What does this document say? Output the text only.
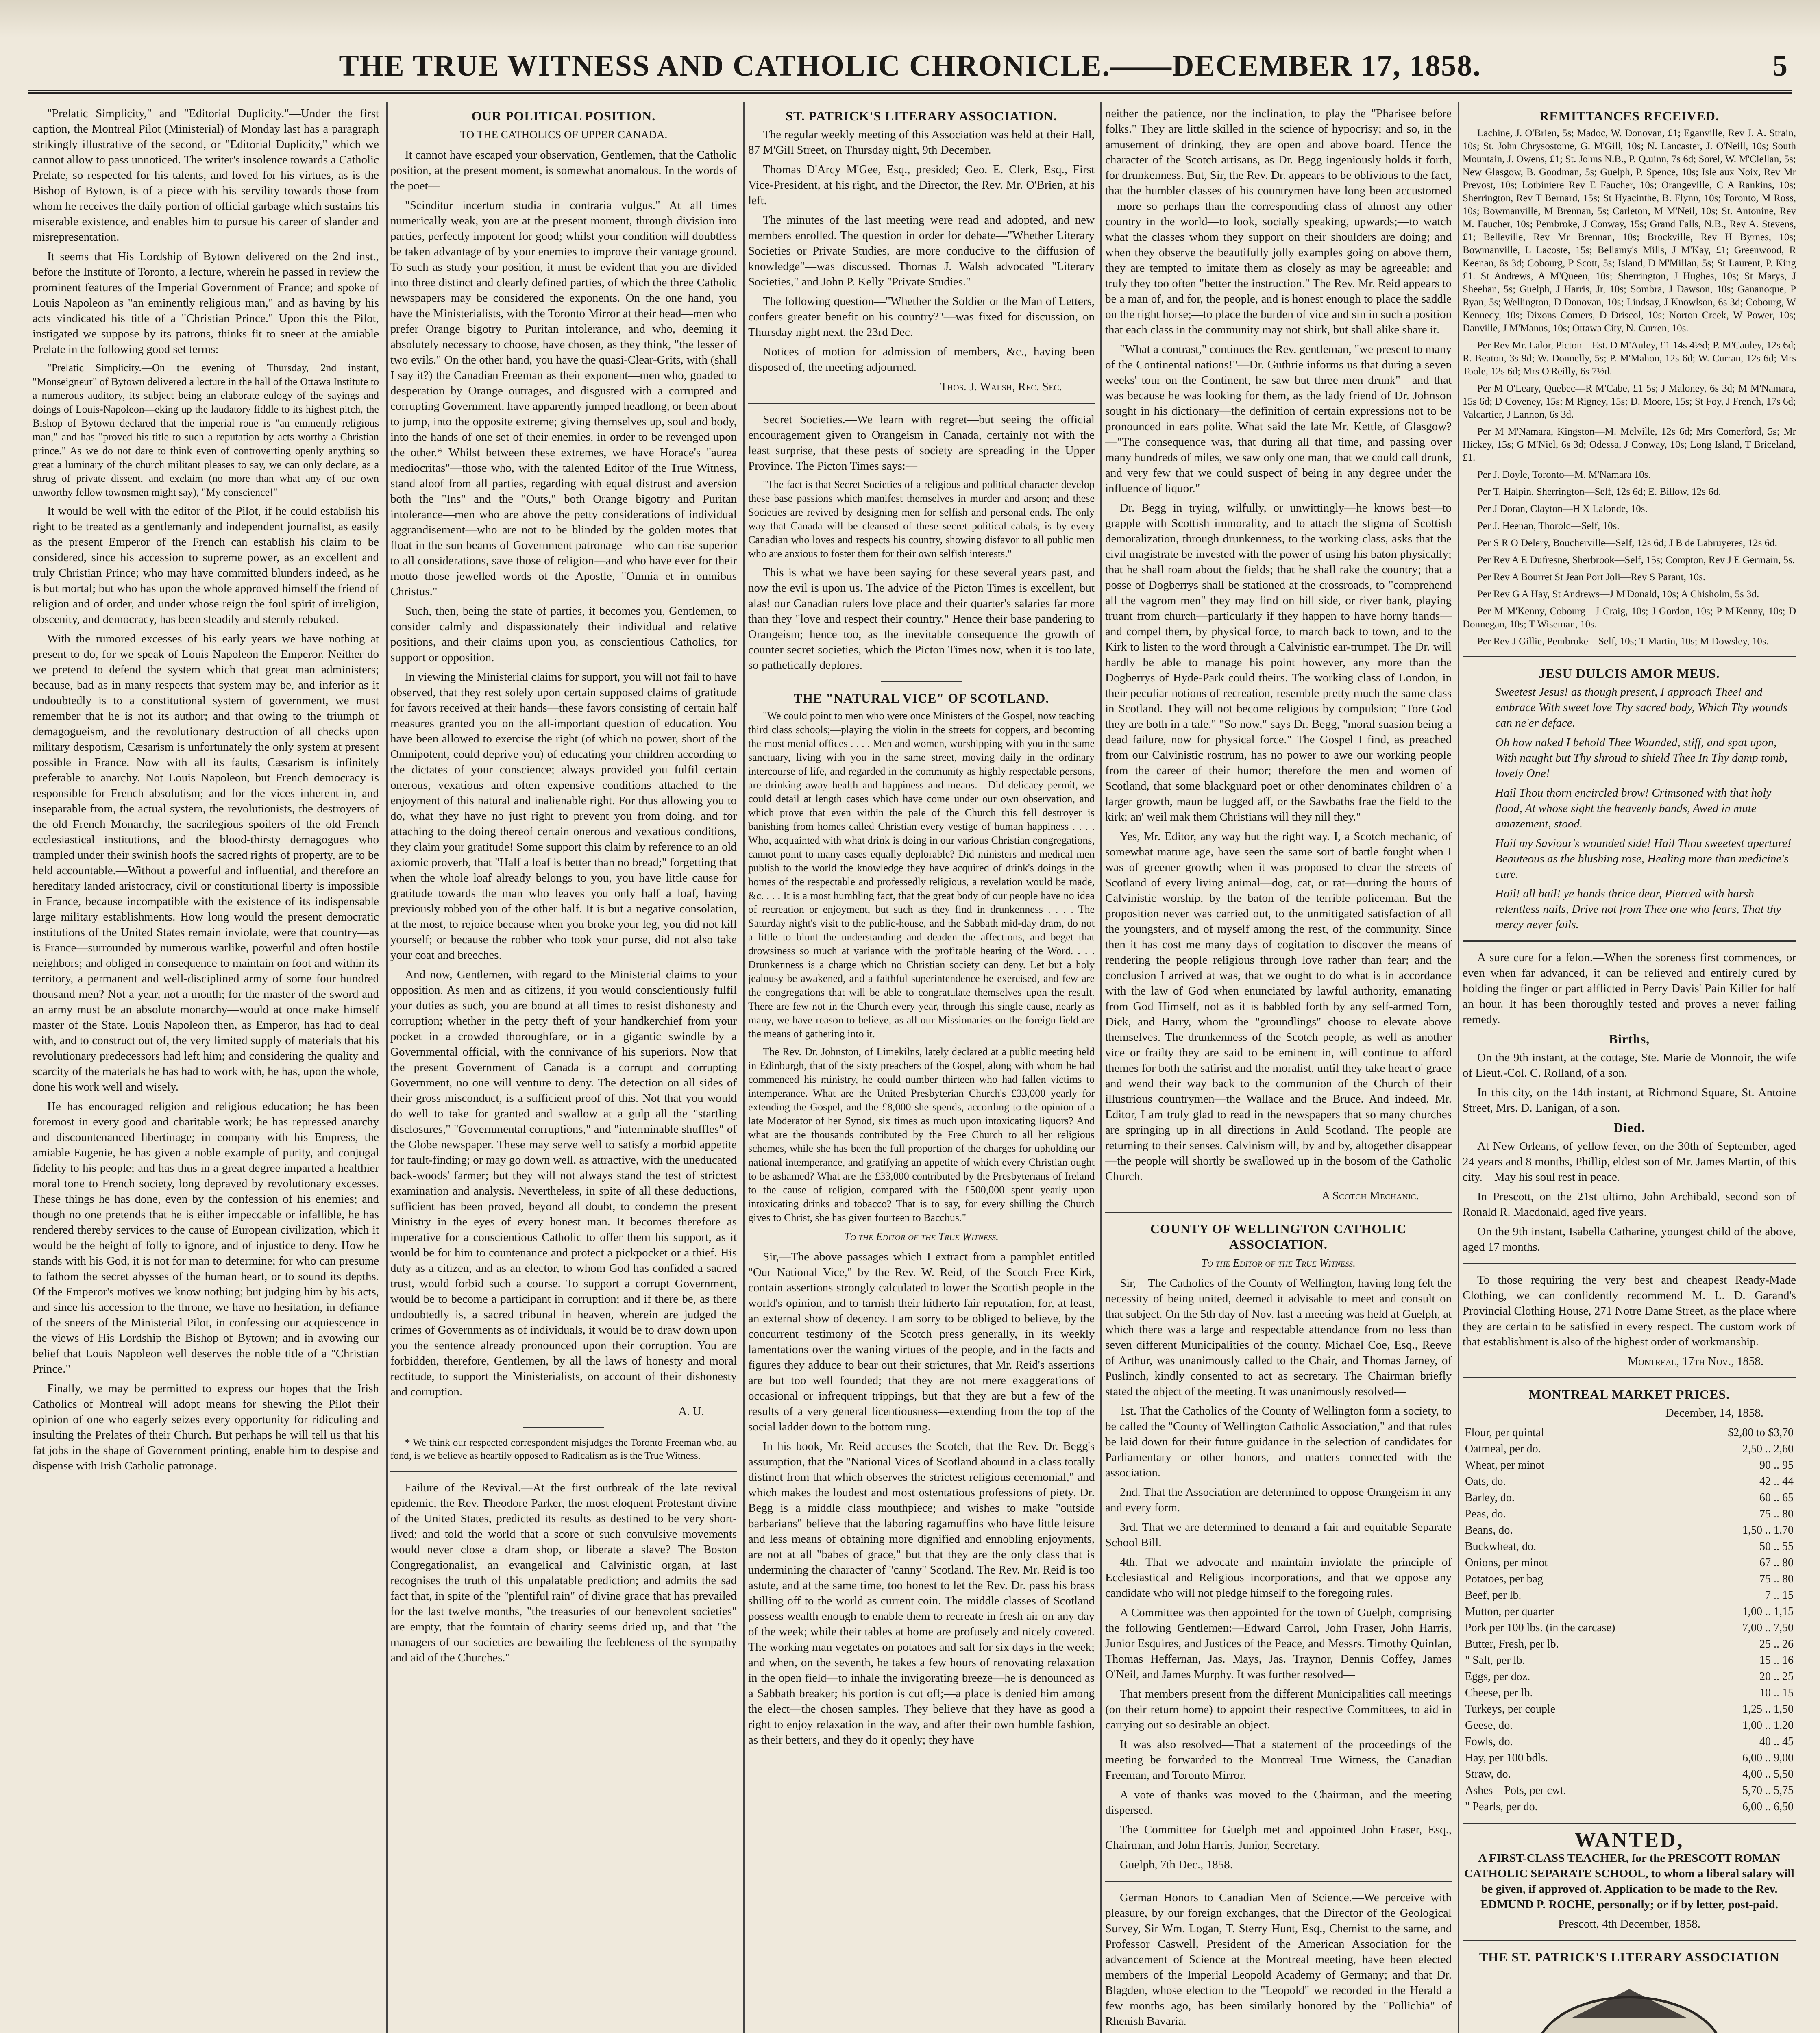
THE TRUE WITNESS AND CATHOLIC CHRONICLE.——DECEMBER 17, 1858.	5

"Prelatic Simplicity," and "Editorial Duplicity."—Under the first caption, the Montreal Pilot (Ministerial) of Monday last has a paragraph strikingly illustrative of the second, or "Editorial Duplicity," which we cannot allow to pass unnoticed. The writer's insolence towards a Catholic Prelate, so respected for his talents, and loved for his virtues, as is the Bishop of Bytown, is of a piece with his servility towards those from whom he receives the daily portion of official garbage which sustains his miserable existence, and enables him to pursue his career of slander and misrepresentation.

It seems that His Lordship of Bytown delivered on the 2nd inst., before the Institute of Toronto, a lecture, wherein he passed in review the prominent features of the Imperial Government of France; and spoke of Louis Napoleon as "an eminently religious man," and as having by his acts vindicated his title of a "Christian Prince." Upon this the Pilot, instigated we suppose by its patrons, thinks fit to sneer at the amiable Prelate in the following good set terms:—

"Prelatic Simplicity.—On the evening of Thursday, 2nd instant, "Monseigneur" of Bytown delivered a lecture in the hall of the Ottawa Institute to a numerous auditory, its subject being an elaborate eulogy of the sayings and doings of Louis-Napoleon—eking up the laudatory fiddle to its highest pitch, the Bishop of Bytown declared that the imperial roue is "an eminently religious man," and has "proved his title to such a reputation by acts worthy a Christian prince." As we do not dare to think even of controverting openly anything so great a luminary of the church militant pleases to say, we can only declare, as a shrug of private dissent, and exclaim (no more than what any of our own unworthy fellow townsmen might say), "My conscience!"

It would be well with the editor of the Pilot, if he could establish his right to be treated as a gentlemanly and independent journalist, as easily as the present Emperor of the French can establish his claim to be considered, since his accession to supreme power, as an excellent and truly Christian Prince; who may have committed blunders indeed, as he is but mortal; but who has upon the whole approved himself the friend of religion and of order, and under whose reign the foul spirit of irreligion, obscenity, and democracy, has been steadily and sternly rebuked.

With the rumored excesses of his early years we have nothing at present to do, for we speak of Louis Napoleon the Emperor. Neither do we pretend to defend the system which that great man administers; because, bad as in many respects that system may be, and inferior as it undoubtedly is to a constitutional system of government, we must remember that he is not its author; and that owing to the triumph of demagogueism, and the revolutionary destruction of all checks upon military despotism, Cæsarism is unfortunately the only system at present possible in France. Now with all its faults, Cæsarism is infinitely preferable to anarchy. Not Louis Napoleon, but French democracy is responsible for French absolutism; and for the vices inherent in, and inseparable from, the actual system, the revolutionists, the destroyers of the old French Monarchy, the sacrilegious spoilers of the old French ecclesiastical institutions, and the blood-thirsty demagogues who trampled under their swinish hoofs the sacred rights of property, are to be held accountable.—Without a powerful and influential, and therefore an hereditary landed aristocracy, civil or constitutional liberty is impossible in France, because incompatible with the existence of its indispensable large military establishments. How long would the present democratic institutions of the United States remain inviolate, were that country—as is France—surrounded by numerous warlike, powerful and often hostile neighbors; and obliged in consequence to maintain on foot and within its territory, a permanent and well-disciplined army of some four hundred thousand men? Not a year, not a month; for the master of the sword and an army must be an absolute monarchy—would at once make himself master of the State. Louis Napoleon then, as Emperor, has had to deal with, and to construct out of, the very limited supply of materials that his revolutionary predecessors had left him; and considering the quality and scarcity of the materials he has had to work with, he has, upon the whole, done his work well and wisely.

He has encouraged religion and religious education; he has been foremost in every good and charitable work; he has repressed anarchy and discountenanced libertinage; in company with his Empress, the amiable Eugenie, he has given a noble example of purity, and conjugal fidelity to his people; and has thus in a great degree imparted a healthier moral tone to French society, long depraved by revolutionary excesses. These things he has done, even by the confession of his enemies; and though no one pretends that he is either impeccable or infallible, he has rendered thereby services to the cause of European civilization, which it would be the height of folly to ignore, and of injustice to deny. How he stands with his God, it is not for man to determine; for who can presume to fathom the secret abysses of the human heart, or to sound its depths. Of the Emperor's motives we know nothing; but judging him by his acts, and since his accession to the throne, we have no hesitation, in defiance of the sneers of the Ministerial Pilot, in confessing our acquiescence in the views of His Lordship the Bishop of Bytown; and in avowing our belief that Louis Napoleon well deserves the noble title of a "Christian Prince."

Finally, we may be permitted to express our hopes that the Irish Catholics of Montreal will adopt means for shewing the Pilot their opinion of one who eagerly seizes every opportunity for ridiculing and insulting the Prelates of their Church. But perhaps he will tell us that his fat jobs in the shape of Government printing, enable him to despise and dispense with Irish Catholic patronage.

OUR POLITICAL POSITION.
TO THE CATHOLICS OF UPPER CANADA.

It cannot have escaped your observation, Gentlemen, that the Catholic position, at the present moment, is somewhat anomalous. In the words of the poet—

"Scinditur incertum studia in contraria vulgus." At all times numerically weak, you are at the present moment, through division into parties, perfectly impotent for good; whilst your condition will doubtless be taken advantage of by your enemies to improve their vantage ground. To such as study your position, it must be evident that you are divided into three distinct and clearly defined parties, of which the three Catholic newspapers may be considered the exponents. On the one hand, you have the Ministerialists, with the Toronto Mirror at their head—men who prefer Orange bigotry to Puritan intolerance, and who, deeming it absolutely necessary to choose, have chosen, as they think, "the lesser of two evils." On the other hand, you have the quasi-Clear-Grits, with (shall I say it?) the Canadian Freeman as their exponent—men who, goaded to desperation by Orange outrages, and disgusted with a corrupted and corrupting Government, have apparently jumped headlong, or been about to jump, into the opposite extreme; giving themselves up, soul and body, into the hands of one set of their enemies, in order to be revenged upon the other.* Whilst between these extremes, we have Horace's "aurea mediocritas"—those who, with the talented Editor of the True Witness, stand aloof from all parties, regarding with equal distrust and aversion both the "Ins" and the "Outs," both Orange bigotry and Puritan intolerance—men who are above the petty considerations of individual aggrandisement—who are not to be blinded by the golden motes that float in the sun beams of Government patronage—who can rise superior to all considerations, save those of religion—and who have ever for their motto those jewelled words of the Apostle, "Omnia et in omnibus Christus."

Such, then, being the state of parties, it becomes you, Gentlemen, to consider calmly and dispassionately their individual and relative positions, and their claims upon you, as conscientious Catholics, for support or opposition.

In viewing the Ministerial claims for support, you will not fail to have observed, that they rest solely upon certain supposed claims of gratitude for favors received at their hands—these favors consisting of certain half measures granted you on the all-important question of education. You have been allowed to exercise the right (of which no power, short of the Omnipotent, could deprive you) of educating your children according to the dictates of your conscience; always provided you fulfil certain onerous, vexatious and often expensive conditions attached to the enjoyment of this natural and inalienable right. For thus allowing you to do, what they have no just right to prevent you from doing, and for attaching to the doing thereof certain onerous and vexatious conditions, they claim your gratitude! Some support this claim by reference to an old axiomic proverb, that "Half a loaf is better than no bread;" forgetting that when the whole loaf already belongs to you, you have little cause for gratitude towards the man who leaves you only half a loaf, having previously robbed you of the other half. It is but a negative consolation, at the most, to rejoice because when you broke your leg, you did not kill yourself; or because the robber who took your purse, did not also take your coat and breeches.

And now, Gentlemen, with regard to the Ministerial claims to your opposition. As men and as citizens, if you would conscientiously fulfil your duties as such, you are bound at all times to resist dishonesty and corruption; whether in the petty theft of your handkerchief from your pocket in a crowded thoroughfare, or in a gigantic swindle by a Governmental official, with the connivance of his superiors. Now that the present Government of Canada is a corrupt and corrupting Government, no one will venture to deny. The detection on all sides of their gross misconduct, is a sufficient proof of this. Not that you would do well to take for granted and swallow at a gulp all the "startling disclosures," "Governmental corruptions," and "interminable shuffles" of the Globe newspaper. These may serve well to satisfy a morbid appetite for fault-finding; or may go down well, as attractive, with the uneducated back-woods' farmer; but they will not always stand the test of strictest examination and analysis. Nevertheless, in spite of all these deductions, sufficient has been proved, beyond all doubt, to condemn the present Ministry in the eyes of every honest man. It becomes therefore as imperative for a conscientious Catholic to offer them his support, as it would be for him to countenance and protect a pickpocket or a thief. His duty as a citizen, and as an elector, to whom God has confided a sacred trust, would forbid such a course. To support a corrupt Government, would be to become a participant in corruption; and if there be, as there undoubtedly is, a sacred tribunal in heaven, wherein are judged the crimes of Governments as of individuals, it would be to draw down upon you the sentence already pronounced upon their corruption. You are forbidden, therefore, Gentlemen, by all the laws of honesty and moral rectitude, to support the Ministerialists, on account of their dishonesty and corruption.

A. U.

* We think our respected correspondent misjudges the Toronto Freeman who, au fond, is we believe as heartily opposed to Radicalism as is the True Witness.

Failure of the Revival.—At the first outbreak of the late revival epidemic, the Rev. Theodore Parker, the most eloquent Protestant divine of the United States, predicted its results as destined to be very short-lived; and told the world that a score of such convulsive movements would never close a dram shop, or liberate a slave? The Boston Congregationalist, an evangelical and Calvinistic organ, at last recognises the truth of this unpalatable prediction; and admits the sad fact that, in spite of the "plentiful rain" of divine grace that has prevailed for the last twelve months, "the treasuries of our benevolent societies" are empty, that the fountain of charity seems dried up, and that "the managers of our societies are bewailing the feebleness of the sympathy and aid of the Churches."

ST. PATRICK'S LITERARY ASSOCIATION.

The regular weekly meeting of this Association was held at their Hall, 87 M'Gill Street, on Thursday night, 9th December.

Thomas D'Arcy M'Gee, Esq., presided; Geo. E. Clerk, Esq., First Vice-President, at his right, and the Director, the Rev. Mr. O'Brien, at his left.

The minutes of the last meeting were read and adopted, and new members enrolled. The question in order for debate—"Whether Literary Societies or Private Studies, are more conducive to the diffusion of knowledge"—was discussed. Thomas J. Walsh advocated "Literary Societies," and John P. Kelly "Private Studies."

The following question—"Whether the Soldier or the Man of Letters, confers greater benefit on his country?"—was fixed for discussion, on Thursday night next, the 23rd Dec.

Notices of motion for admission of members, &c., having been disposed of, the meeting adjourned.

Thos. J. Walsh, Rec. Sec.

Secret Societies.—We learn with regret—but seeing the official encouragement given to Orangeism in Canada, certainly not with the least surprise, that these pests of society are spreading in the Upper Province. The Picton Times says:—

"The fact is that Secret Societies of a religious and political character develop these base passions which manifest themselves in murder and arson; and these Societies are revived by designing men for selfish and personal ends. The only way that Canada will be cleansed of these secret political cabals, is by every Canadian who loves and respects his country, showing disfavor to all public men who are anxious to foster them for their own selfish interests."

This is what we have been saying for these several years past, and now the evil is upon us. The advice of the Picton Times is excellent, but alas! our Canadian rulers love place and their quarter's salaries far more than they "love and respect their country." Hence their base pandering to Orangeism; hence too, as the inevitable consequence the growth of counter secret societies, which the Picton Times now, when it is too late, so pathetically deplores.

THE "NATURAL VICE" OF SCOTLAND.

"We could point to men who were once Ministers of the Gospel, now teaching third class schools;—playing the violin in the streets for coppers, and becoming the most menial offices . . . . Men and women, worshipping with you in the same sanctuary, living with you in the same street, moving daily in the ordinary intercourse of life, and regarded in the community as highly respectable persons, are drinking away health and happiness and means.—Did delicacy permit, we could detail at length cases which have come under our own observation, and which prove that even within the pale of the Church this fell destroyer is banishing from homes called Christian every vestige of human happiness . . . . Who, acquainted with what drink is doing in our various Christian congregations, cannot point to many cases equally deplorable? Did ministers and medical men publish to the world the knowledge they have acquired of drink's doings in the homes of the respectable and professedly religious, a revelation would be made, &c. . . . It is a most humbling fact, that the great body of our people have no idea of recreation or enjoyment, but such as they find in drunkenness . . . . The Saturday night's visit to the public-house, and the Sabbath mid-day dram, do not a little to blunt the understanding and deaden the affections, and beget that drowsiness so much at variance with the profitable hearing of the Word. . . . Drunkenness is a charge which no Christian society can deny. Let but a holy jealousy be awakened, and a faithful superintendence be exercised, and few are the congregations that will be able to congratulate themselves upon the result. There are few not in the Church every year, through this single cause, nearly as many, we have reason to believe, as all our Missionaries on the foreign field are the means of gathering into it.

The Rev. Dr. Johnston, of Limekilns, lately declared at a public meeting held in Edinburgh, that of the sixty preachers of the Gospel, along with whom he had commenced his ministry, he could number thirteen who had fallen victims to intemperance. What are the United Presbyterian Church's £33,000 yearly for extending the Gospel, and the £8,000 she spends, according to the opinion of a late Moderator of her Synod, six times as much upon intoxicating liquors? And what are the thousands contributed by the Free Church to all her religious schemes, while she has been the full proportion of the charges for upholding our national intemperance, and gratifying an appetite of which every Christian ought to be ashamed? What are the £33,000 contributed by the Presbyterians of Ireland to the cause of religion, compared with the £500,000 spent yearly upon intoxicating drinks and tobacco? That is to say, for every shilling the Church gives to Christ, she has given fourteen to Bacchus."

To the Editor of the True Witness.

Sir,—The above passages which I extract from a pamphlet entitled "Our National Vice," by the Rev. W. Reid, of the Scotch Free Kirk, contain assertions strongly calculated to lower the Scottish people in the world's opinion, and to tarnish their hitherto fair reputation, for, at least, an external show of decency. I am sorry to be obliged to believe, by the concurrent testimony of the Scotch press generally, in its weekly lamentations over the waning virtues of the people, and in the facts and figures they adduce to bear out their strictures, that Mr. Reid's assertions are but too well founded; that they are not mere exaggerations of occasional or infrequent trippings, but that they are but a few of the results of a very general licentiousness—extending from the top of the social ladder down to the bottom rung.

In his book, Mr. Reid accuses the Scotch, that the Rev. Dr. Begg's assumption, that the "National Vices of Scotland abound in a class totally distinct from that which observes the strictest religious ceremonial," and which makes the loudest and most ostentatious professions of piety. Dr. Begg is a middle class mouthpiece; and wishes to make "outside barbarians" believe that the laboring ragamuffins who have little leisure and less means of obtaining more dignified and ennobling enjoyments, are not at all "babes of grace," but that they are the only class that is undermining the character of "canny" Scotland. The Rev. Mr. Reid is too astute, and at the same time, too honest to let the Rev. Dr. pass his brass shilling off to the world as current coin. The middle classes of Scotland possess wealth enough to enable them to recreate in fresh air on any day of the week; while their tables at home are profusely and nicely covered. The working man vegetates on potatoes and salt for six days in the week; and when, on the seventh, he takes a few hours of renovating relaxation in the open field—to inhale the invigorating breeze—he is denounced as a Sabbath breaker; his portion is cut off;—a place is denied him among the elect—the chosen samples. They believe that they have as good a right to enjoy relaxation in the way, and after their own humble fashion, as their betters, and they do it openly; they have

neither the patience, nor the inclination, to play the "Pharisee before folks." They are little skilled in the science of hypocrisy; and so, in the amusement of drinking, they are open and above board. Hence the character of the Scotch artisans, as Dr. Begg ingeniously holds it forth, for drunkenness. But, Sir, the Rev. Dr. appears to be oblivious to the fact, that the humbler classes of his countrymen have long been accustomed—more so perhaps than the corresponding class of almost any other country in the world—to look, socially speaking, upwards;—to watch what the classes whom they support on their shoulders are doing; and when they observe the beautifully jolly examples going on above them, they are tempted to imitate them as closely as may be agreeable; and truly they too often "better the instruction." The Rev. Mr. Reid appears to be a man of, and for, the people, and is honest enough to place the saddle on the right horse;—to place the burden of vice and sin in such a position that each class in the community may not shirk, but shall alike share it.

"What a contrast," continues the Rev. gentleman, "we present to many of the Continental nations!"—Dr. Guthrie informs us that during a seven weeks' tour on the Continent, he saw but three men drunk"—and that was because he was looking for them, as the lady friend of Dr. Johnson sought in his dictionary—the definition of certain expressions not to be pronounced in ears polite. What said the late Mr. Kettle, of Glasgow?—"The consequence was, that during all that time, and passing over many hundreds of miles, we saw only one man, that we could call drunk, and very few that we could suspect of being in any degree under the influence of liquor."

Dr. Begg in trying, wilfully, or unwittingly—he knows best—to grapple with Scottish immorality, and to attach the stigma of Scottish demoralization, through drunkenness, to the working class, asks that the civil magistrate be invested with the power of using his baton physically; that he shall roam about the fields; that he shall rake the country; that a posse of Dogberrys shall be stationed at the crossroads, to "comprehend all the vagrom men" they may find on hill side, or river bank, playing truant from church—particularly if they happen to have horny hands—and compel them, by physical force, to march back to town, and to the Kirk to listen to the word through a Calvinistic ear-trumpet. The Dr. will hardly be able to manage his point however, any more than the Dogberrys of Hyde-Park could theirs. The working class of London, in their peculiar notions of recreation, resemble pretty much the same class in Scotland. They will not become religious by compulsion; "Tore God they are both in a tale." "So now," says Dr. Begg, "moral suasion being a dead failure, now for physical force." The Gospel I find, as preached from our Calvinistic rostrum, has no power to awe our working people from the career of their humor; therefore the men and women of Scotland, that some blackguard poet or other denominates children o' a larger growth, maun be lugged aff, or the Sawbaths frae the field to the kirk; an' weil mak them Christians will they nill they."

Yes, Mr. Editor, any way but the right way. I, a Scotch mechanic, of somewhat mature age, have seen the same sort of battle fought when I was of greener growth; when it was proposed to clear the streets of Scotland of every living animal—dog, cat, or rat—during the hours of Calvinistic worship, by the baton of the terrible policeman. But the proposition never was carried out, to the unmitigated satisfaction of all the youngsters, and of myself among the rest, of the community. Since then it has cost me many days of cogitation to discover the means of rendering the people religious through love rather than fear; and the conclusion I arrived at was, that we ought to do what is in accordance with the law of God when enunciated by lawful authority, emanating from God Himself, not as it is babbled forth by any self-armed Tom, Dick, and Harry, whom the "groundlings" choose to elevate above themselves. The drunkenness of the Scotch people, as well as another vice or frailty they are said to be eminent in, will continue to afford themes for both the satirist and the moralist, until they take heart o' grace and wend their way back to the communion of the Church of their illustrious countrymen—the Wallace and the Bruce. And indeed, Mr. Editor, I am truly glad to read in the newspapers that so many churches are springing up in all directions in Auld Scotland. The people are returning to their senses. Calvinism will, by and by, altogether disappear—the people will shortly be swallowed up in the bosom of the Catholic Church.

A Scotch Mechanic.

COUNTY OF WELLINGTON CATHOLIC ASSOCIATION.
To the Editor of the True Witness.

Sir,—The Catholics of the County of Wellington, having long felt the necessity of being united, deemed it advisable to meet and consult on that subject. On the 5th day of Nov. last a meeting was held at Guelph, at which there was a large and respectable attendance from no less than seven different Municipalities of the county. Michael Coe, Esq., Reeve of Arthur, was unanimously called to the Chair, and Thomas Jarney, of Puslinch, kindly consented to act as secretary. The Chairman briefly stated the object of the meeting. It was unanimously resolved—

1st. That the Catholics of the County of Wellington form a society, to be called the "County of Wellington Catholic Association," and that rules be laid down for their future guidance in the selection of candidates for Parliamentary or other honors, and matters connected with the association.

2nd. That the Association are determined to oppose Orangeism in any and every form.

3rd. That we are determined to demand a fair and equitable Separate School Bill.

4th. That we advocate and maintain inviolate the principle of Ecclesiastical and Religious incorporations, and that we oppose any candidate who will not pledge himself to the foregoing rules.

A Committee was then appointed for the town of Guelph, comprising the following Gentlemen:—Edward Carrol, John Fraser, John Harris, Junior Esquires, and Justices of the Peace, and Messrs. Timothy Quinlan, Thomas Heffernan, Jas. Mays, Jas. Traynor, Dennis Coffey, James O'Neil, and James Murphy. It was further resolved—

That members present from the different Municipalities call meetings (on their return home) to appoint their respective Committees, to aid in carrying out so desirable an object.

It was also resolved—That a statement of the proceedings of the meeting be forwarded to the Montreal True Witness, the Canadian Freeman, and Toronto Mirror.

A vote of thanks was moved to the Chairman, and the meeting dispersed.

The Committee for Guelph met and appointed John Fraser, Esq., Chairman, and John Harris, Junior, Secretary.

Guelph, 7th Dec., 1858.

German Honors to Canadian Men of Science.—We perceive with pleasure, by our foreign exchanges, that the Director of the Geological Survey, Sir Wm. Logan, T. Sterry Hunt, Esq., Chemist to the same, and Professor Caswell, President of the American Association for the advancement of Science at the Montreal meeting, have been elected members of the Imperial Leopold Academy of Germany; and that Dr. Blagden, whose election to the "Leopold" we recorded in the Herald a few months ago, has been similarly honored by the "Pollichia" of Rhenish Bavaria.

REMITTANCES RECEIVED.

Lachine, J. O'Brien, 5s; Madoc, W. Donovan, £1; Eganville, Rev J. A. Strain, 10s; St. John Chrysostome, G. M'Gill, 10s; N. Lancaster, J. O'Neill, 10s; South Mountain, J. Owens, £1; St. Johns N.B., P. Q.uinn, 7s 6d; Sorel, W. M'Clellan, 5s; New Glasgow, B. Goodman, 5s; Guelph, P. Spence, 10s; Isle aux Noix, Rev Mr Prevost, 10s; Lotbiniere Rev E Faucher, 10s; Orangeville, C A Rankins, 10s; Sherrington, Rev T Bernard, 15s; St Hyacinthe, B. Flynn, 10s; Toronto, M Ross, 10s; Bowmanville, M Brennan, 5s; Carleton, M M'Neil, 10s; St. Antonine, Rev M. Faucher, 10s; Pembroke, J Conway, 15s; Grand Falls, N.B., Rev A. Stevens, £1; Belleville, Rev Mr Brennan, 10s; Brockville, Rev H Byrnes, 10s; Bowmanville, L Lacoste, 15s; Bellamy's Mills, J M'Kay, £1; Greenwood, R Keenan, 6s 3d; Cobourg, P Scott, 5s; Island, D M'Millan, 5s; St Laurent, P. King £1. St Andrews, A M'Queen, 10s; Sherrington, J Hughes, 10s; St Marys, J Sheehan, 5s; Guelph, J Harris, Jr, 10s; Sombra, J Dawson, 10s; Gananoque, P Ryan, 5s; Wellington, D Donovan, 10s; Lindsay, J Knowlson, 6s 3d; Cobourg, W Kennedy, 10s; Dixons Corners, D Driscol, 10s; Norton Creek, W Power, 10s; Danville, J M'Manus, 10s; Ottawa City, N. Curren, 10s.

Per Rev Mr. Lalor, Picton—Est. D M'Auley, £1 14s 4½d; P. M'Cauley, 12s 6d; R. Beaton, 3s 9d; W. Donnelly, 5s; P. M'Mahon, 12s 6d; W. Curran, 12s 6d; Mrs Toole, 12s 6d; Mrs O'Reilly, 6s 7½d.

Per M O'Leary, Quebec—R M'Cabe, £1 5s; J Maloney, 6s 3d; M M'Namara, 15s 6d; D Coveney, 15s; M Rigney, 15s; D. Moore, 15s; St Foy, J French, 17s 6d; Valcartier, J Lannon, 6s 3d.

Per M M'Namara, Kingston—M. Melville, 12s 6d; Mrs Comerford, 5s; Mr Hickey, 15s; G M'Niel, 6s 3d; Odessa, J Conway, 10s; Long Island, T Briceland, £1.

Per J. Doyle, Toronto—M. M'Namara 10s.

Per T. Halpin, Sherrington—Self, 12s 6d; E. Billow, 12s 6d.

Per J Doran, Clayton—H X Lalonde, 10s.

Per J. Heenan, Thorold—Self, 10s.

Per S R O Delery, Boucherville—Self, 12s 6d; J B de Labruyeres, 12s 6d.

Per Rev A E Dufresne, Sherbrook—Self, 15s; Compton, Rev J E Germain, 5s.

Per Rev A Bourret St Jean Port Joli—Rev S Parant, 10s.

Per Rev G A Hay, St Andrews—J M'Donald, 10s; A Chisholm, 5s 3d.

Per M M'Kenny, Cobourg—J Craig, 10s; J Gordon, 10s; P M'Kenny, 10s; D Donnegan, 10s; T Wiseman, 10s.

Per Rev J Gillie, Pembroke—Self, 10s; T Martin, 10s; M Dowsley, 10s.

JESU DULCIS AMOR MEUS.

Sweetest Jesus! as though present, I approach Thee! and embrace With sweet love Thy sacred body, Which Thy wounds can ne'er deface.

Oh how naked I behold Thee Wounded, stiff, and spat upon, With naught but Thy shroud to shield Thee In Thy damp tomb, lovely One!

Hail Thou thorn encircled brow! Crimsoned with that holy flood, At whose sight the heavenly bands, Awed in mute amazement, stood.

Hail my Saviour's wounded side! Hail Thou sweetest aperture! Beauteous as the blushing rose, Healing more than medicine's cure.

Hail! all hail! ye hands thrice dear, Pierced with harsh relentless nails, Drive not from Thee one who fears, That thy mercy never fails.

A sure cure for a felon.—When the soreness first commences, or even when far advanced, it can be relieved and entirely cured by holding the finger or part afflicted in Perry Davis' Pain Killer for half an hour. It has been thoroughly tested and proves a never failing remedy.

Births,

On the 9th instant, at the cottage, Ste. Marie de Monnoir, the wife of Lieut.-Col. C. Rolland, of a son.

In this city, on the 14th instant, at Richmond Square, St. Antoine Street, Mrs. D. Lanigan, of a son.

Died.

At New Orleans, of yellow fever, on the 30th of September, aged 24 years and 8 months, Phillip, eldest son of Mr. James Martin, of this city.—May his soul rest in peace.

In Prescott, on the 21st ultimo, John Archibald, second son of Ronald R. Macdonald, aged five years.

On the 9th instant, Isabella Catharine, youngest child of the above, aged 17 months.

To those requiring the very best and cheapest Ready-Made Clothing, we can confidently recommend M. L. D. Garand's Provincial Clothing House, 271 Notre Dame Street, as the place where they are certain to be satisfied in every respect. The custom work of that establishment is also of the highest order of workmanship.

Montreal, 17th Nov., 1858.

MONTREAL MARKET PRICES.

December, 14, 1858.

Flour, per quintal	$2,80 to $3,70
Oatmeal, per do.	2,50 .. 2,60
Wheat, per minot	90 .. 95
Oats, do.	42 .. 44
Barley, do.	60 .. 65
Peas, do.	75 .. 80
Beans, do.	1,50 .. 1,70
Buckwheat, do.	50 .. 55
Onions, per minot	67 .. 80
Potatoes, per bag	75 .. 80
Beef, per lb.	7 .. 15
Mutton, per quarter	1,00 .. 1,15
Pork per 100 lbs. (in the carcase)	7,00 .. 7,50
Butter, Fresh, per lb.	25 .. 26
" Salt, per lb.	15 .. 16
Eggs, per doz.	20 .. 25
Cheese, per lb.	10 .. 15
Turkeys, per couple	1,25 .. 1,50
Geese, do.	1,00 .. 1,20
Fowls, do.	40 .. 45
Hay, per 100 bdls.	6,00 .. 9,00
Straw, do.	4,00 .. 5,50
Ashes—Pots, per cwt.	5,70 .. 5,75
" Pearls, per do.	6,00 .. 6,50
WANTED,

A FIRST-CLASS TEACHER, for the PRESCOTT ROMAN CATHOLIC SEPARATE SCHOOL, to whom a liberal salary will be given, if approved of. Application to be made to the Rev. EDMUND P. ROCHE, personally; or if by letter, post-paid.

Prescott, 4th December, 1858.

THE ST. PATRICK'S LITERARY ASSOCIATION
